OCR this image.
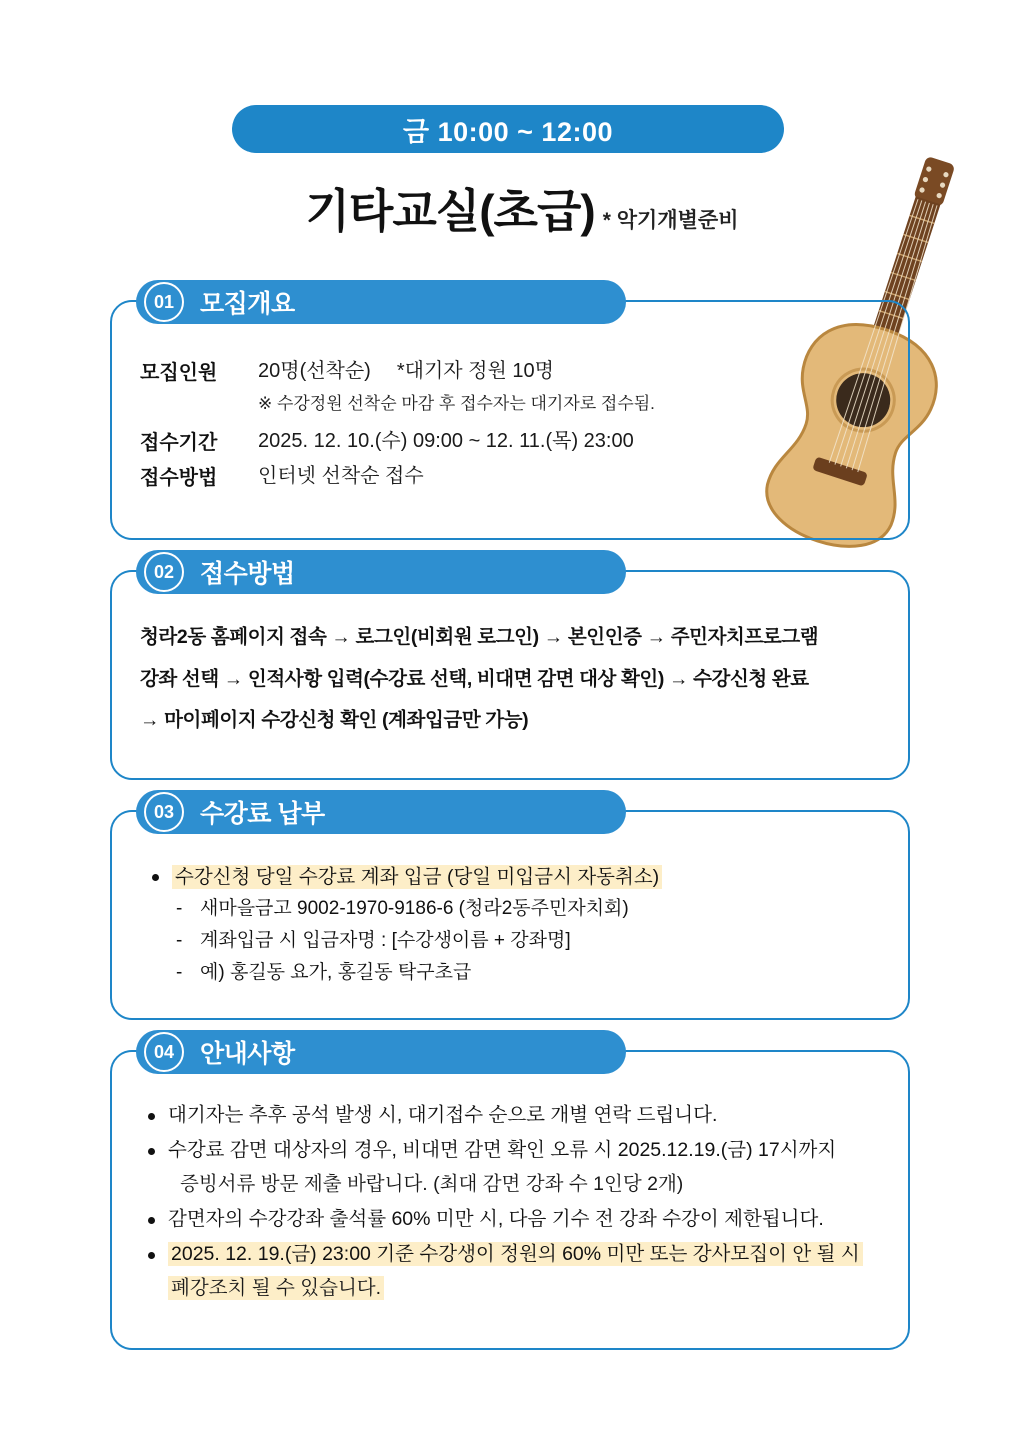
금 10:00 ~ 12:00
기타교실(초급) * 악기개별준비
01	모집개요
모집인원	20명(선착순) *대기자 정원 10명
※ 수강정원 선착순 마감 후 접수자는 대기자로 접수됨.
접수기간	2025. 12. 10.(수) 09:00 ~ 12. 11.(목) 23:00
접수방법	인터넷 선착순 접수
02	접수방법
청라2동 홈페이지 접속 → 로그인(비회원 로그인) → 본인인증 → 주민자치프로그램
강좌 선택 → 인적사항 입력(수강료 선택, 비대면 감면 대상 확인) → 수강신청 완료
→ 마이페이지 수강신청 확인 (계좌입금만 가능)
03	수강료 납부
수강신청 당일 수강료 계좌 입금 (당일 미입금시 자동취소)
- 새마을금고 9002-1970-9186-6 (청라2동주민자치회)
- 계좌입금 시 입금자명 : [수강생이름 + 강좌명]
- 예) 홍길동 요가, 홍길동 탁구초급
04	안내사항
대기자는 추후 공석 발생 시, 대기접수 순으로 개별 연락 드립니다.
수강료 감면 대상자의 경우, 비대면 감면 확인 오류 시 2025.12.19.(금) 17시까지
증빙서류 방문 제출 바랍니다. (최대 감면 강좌 수 1인당 2개)
감면자의 수강강좌 출석률 60% 미만 시, 다음 기수 전 강좌 수강이 제한됩니다.
2025. 12. 19.(금) 23:00 기준 수강생이 정원의 60% 미만 또는 강사모집이 안 될 시
폐강조치 될 수 있습니다.
